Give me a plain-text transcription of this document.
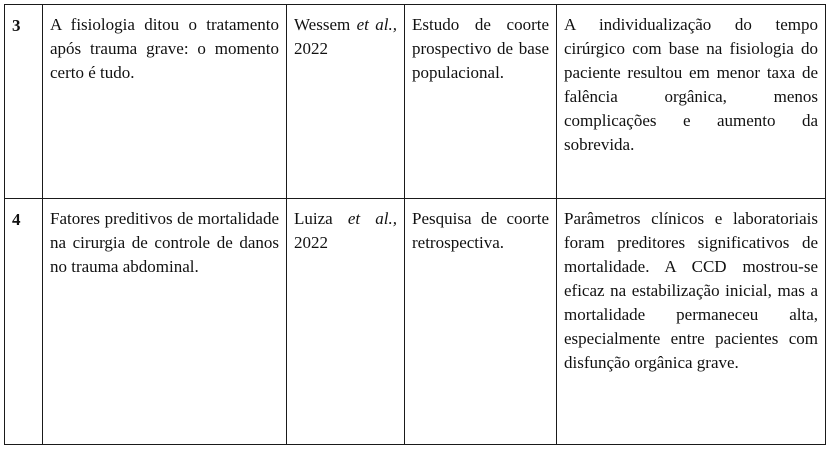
3	A fisiologia ditou o tratamento após trauma grave: o momento certo é tudo.	Wessem et al., 2022	Estudo de coorte prospectivo de base populacional.	A individualização do tempo cirúrgico com base na fisiologia do paciente resultou em menor taxa de falência orgânica, menos complicações e aumento da sobrevida.
4	Fatores preditivos de mortalidade na cirurgia de controle de danos no trauma abdominal.	Luiza et al., 2022	Pesquisa de coorte retrospectiva.	Parâmetros clínicos e laboratoriais foram preditores significativos de mortalidade. A CCD mostrou-se eficaz na estabilização inicial, mas a mortalidade permaneceu alta, especialmente entre pacientes com disfunção orgânica grave.
